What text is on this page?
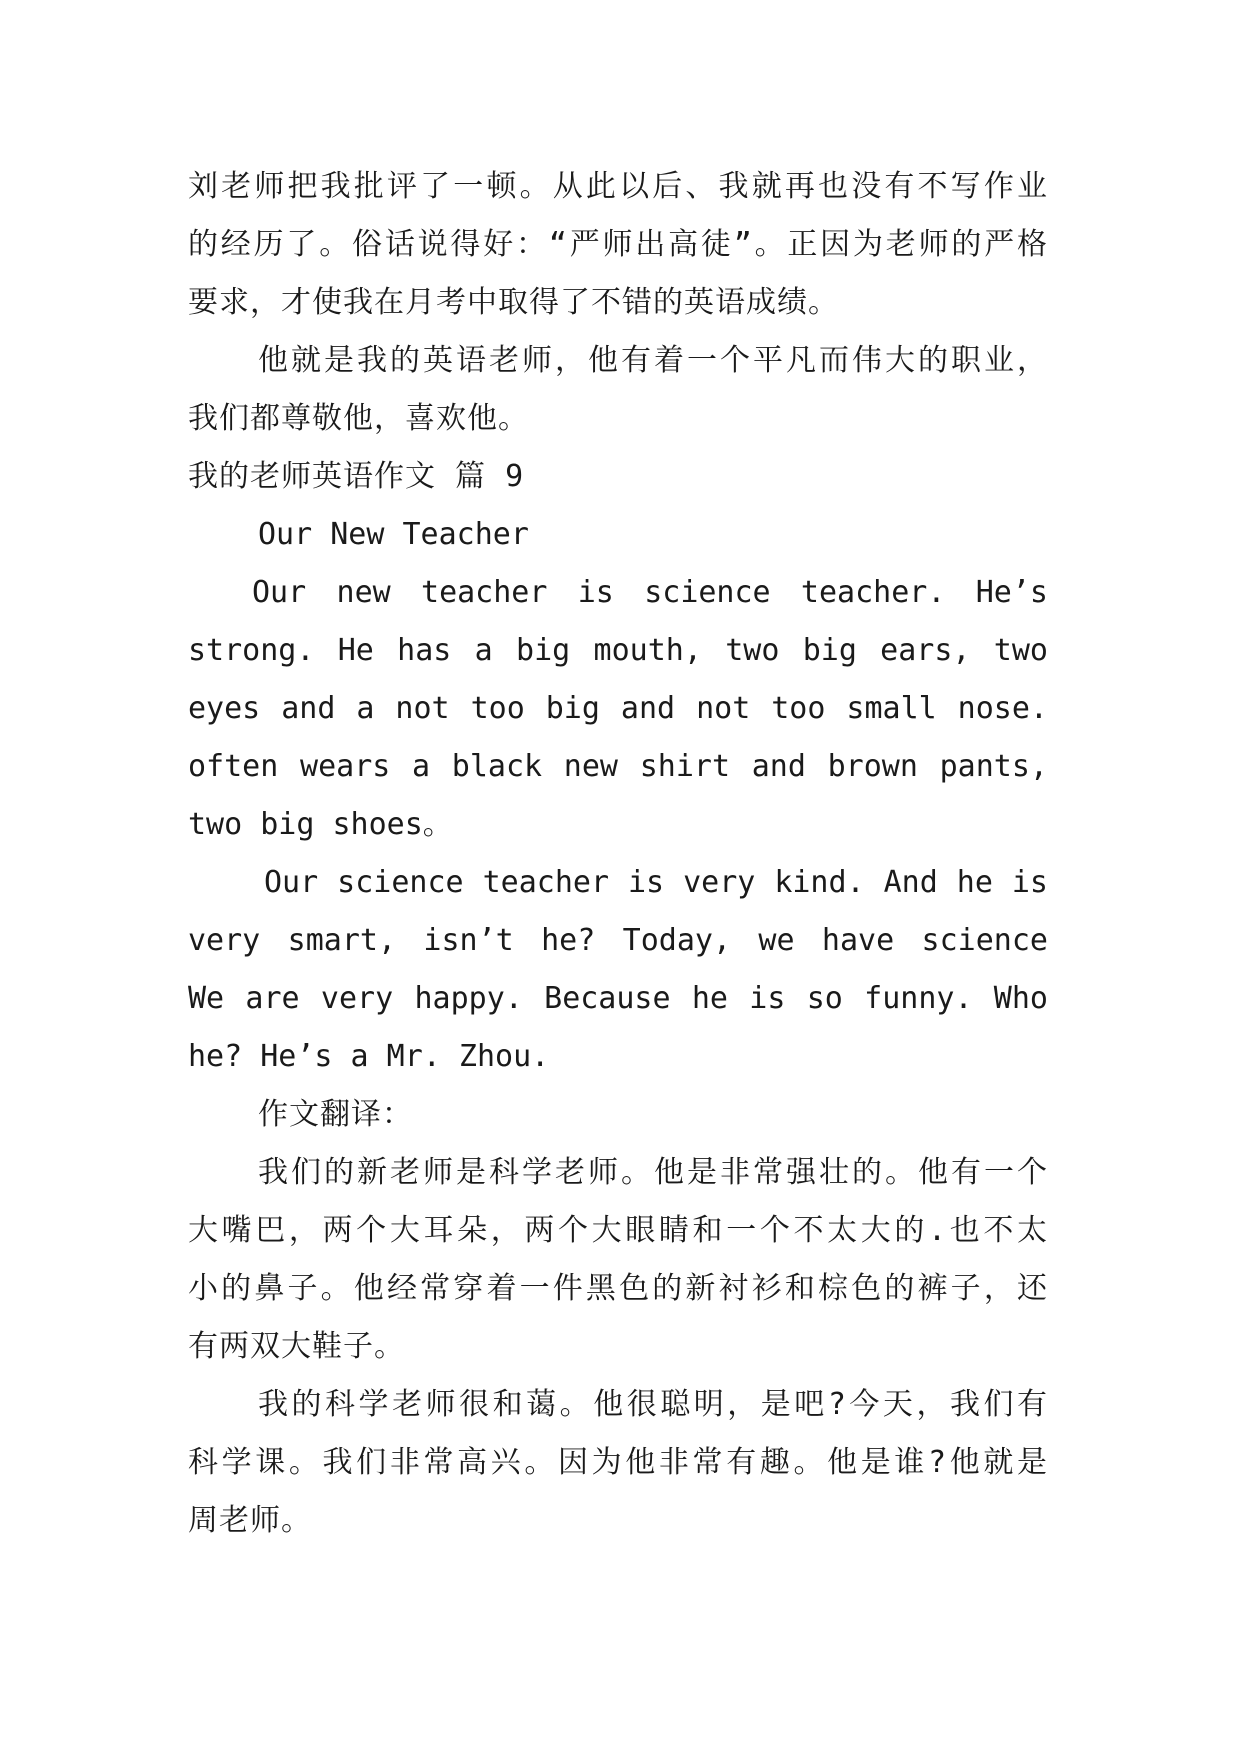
刘老师把我批评了一顿。从此以后、我就再也没有不写作业
的经历了。俗话说得好：“严师出高徒”。正因为老师的严格
要求，才使我在月考中取得了不错的英语成绩。
他就是我的英语老师，他有着一个平凡而伟大的职业，
我们都尊敬他，喜欢他。
我的老师英语作文 篇 9
Our New Teacher
Our new teacher is science teacher. He’s
strong. He has a big mouth, two big ears, two
eyes and a not too big and not too small nose.
often wears a black new shirt and brown pants,
two big shoes。
Our science teacher is very kind. And he is
very smart, isn’t he? Today, we have science
We are very happy. Because he is so funny. Who
he? He’s a Mr. Zhou.
作文翻译：
我们的新老师是科学老师。他是非常强壮的。他有一个
大嘴巴，两个大耳朵，两个大眼睛和一个不太大的.也不太
小的鼻子。他经常穿着一件黑色的新衬衫和棕色的裤子，还
有两双大鞋子。
我的科学老师很和蔼。他很聪明，是吧?今天，我们有
科学课。我们非常高兴。因为他非常有趣。他是谁?他就是
周老师。
